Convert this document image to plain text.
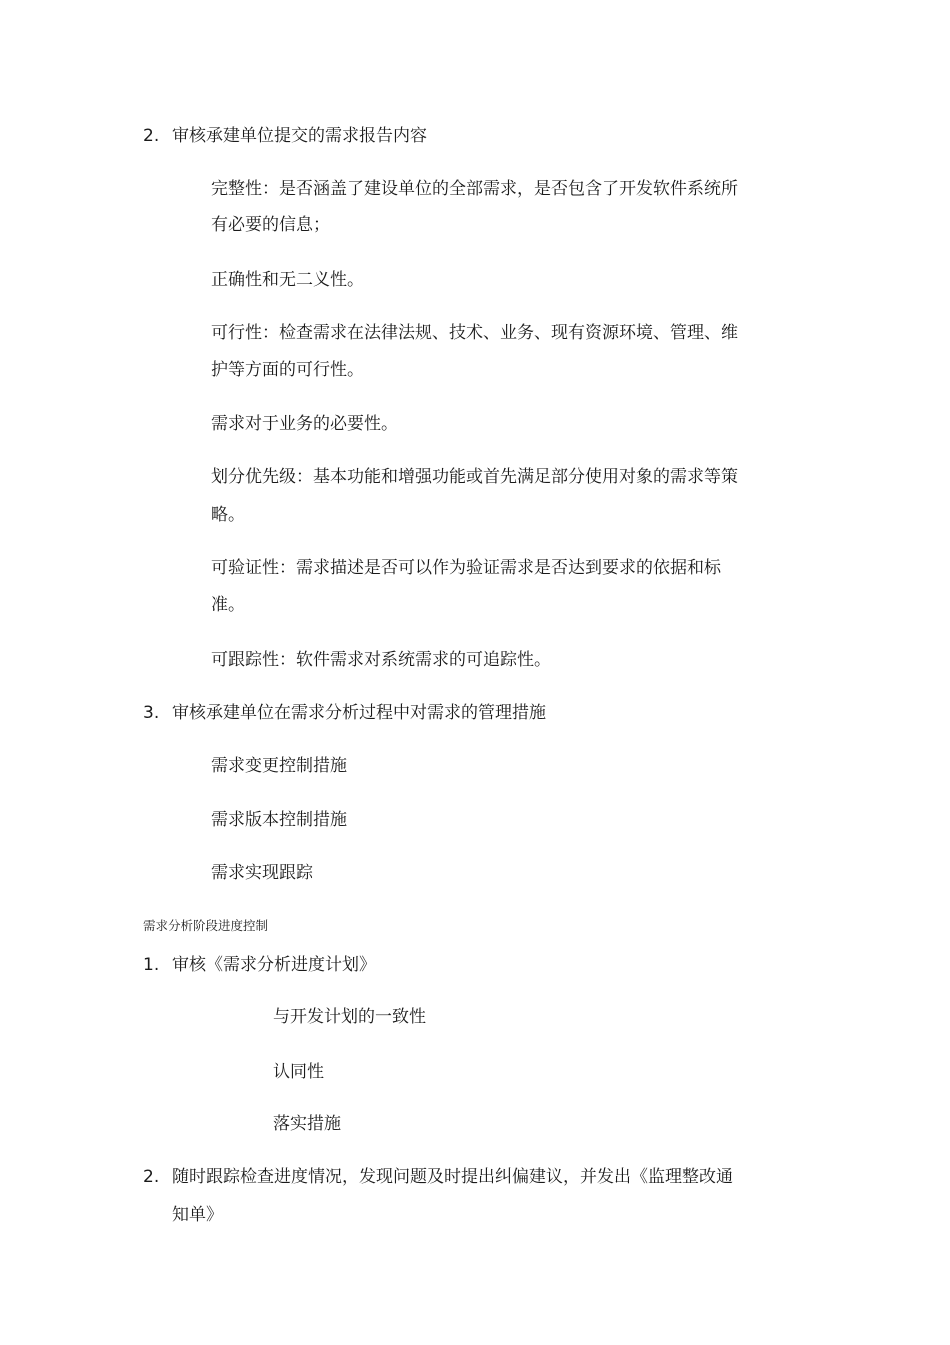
2. 审核承建单位提交的需求报告内容
完整性：是否涵盖了建设单位的全部需求，是否包含了开发软件系统所
有必要的信息；
正确性和无二义性。
可行性：检查需求在法律法规、技术、业务、现有资源环境、管理、维
护等方面的可行性。
需求对于业务的必要性。
划分优先级：基本功能和增强功能或首先满足部分使用对象的需求等策
略。
可验证性：需求描述是否可以作为验证需求是否达到要求的依据和标
准。
可跟踪性：软件需求对系统需求的可追踪性。
3. 审核承建单位在需求分析过程中对需求的管理措施
需求变更控制措施
需求版本控制措施
需求实现跟踪
需求分析阶段进度控制
1. 审核《需求分析进度计划》
与开发计划的一致性
认同性
落实措施
2. 随时跟踪检查进度情况，发现问题及时提出纠偏建议，并发出《监理整改通
知单》
